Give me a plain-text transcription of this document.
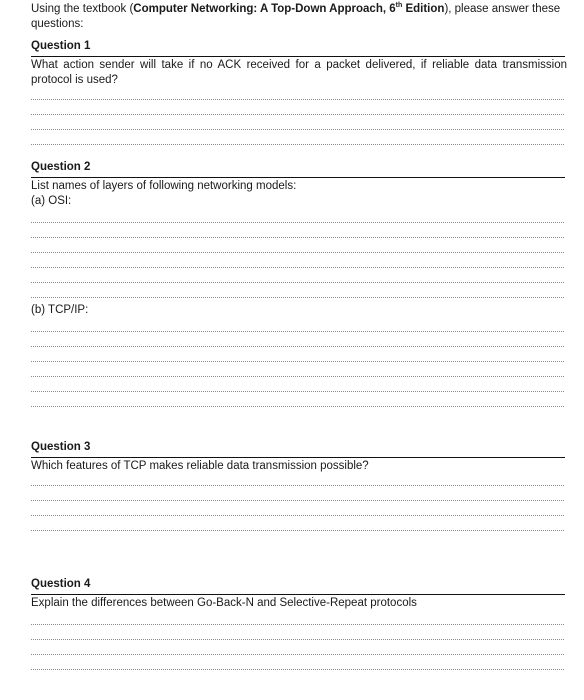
Using the textbook (Computer Networking: A Top-Down Approach, 6th Edition), please answer these questions:
Question 1
What action sender will take if no ACK received for a packet delivered, if reliable data transmission protocol is used?
Question 2
List names of layers of following networking models:
(a) OSI:
(b) TCP/IP:
Question 3
Which features of TCP makes reliable data transmission possible?
Question 4
Explain the differences between Go-Back-N and Selective-Repeat protocols
